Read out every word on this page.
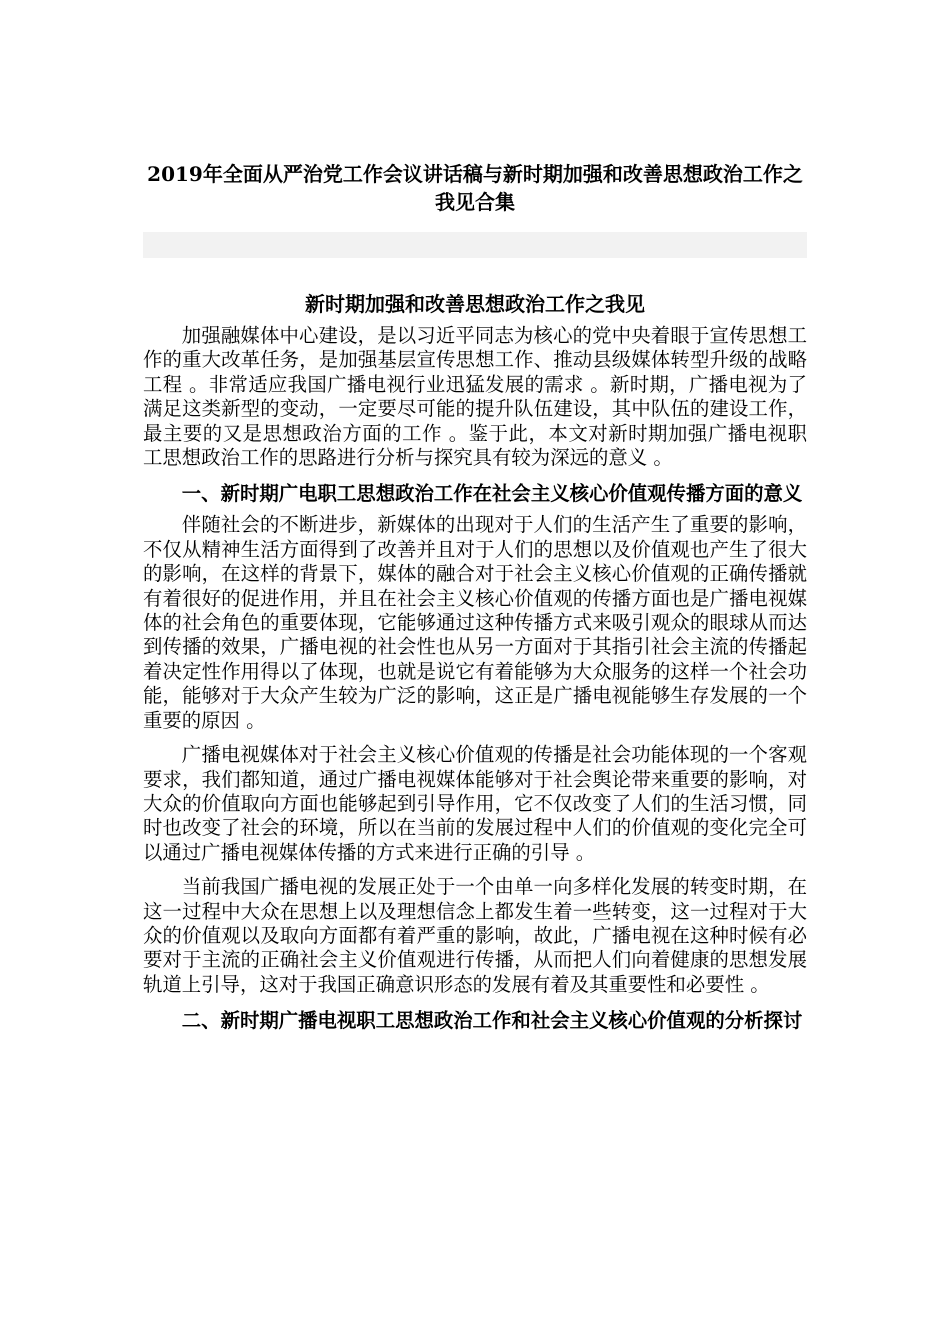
2019年全面从严治党工作会议讲话稿与新时期加强和改善思想政治工作之我见合集
新时期加强和改善思想政治工作之我见

加强融媒体中心建设，是以习近平同志为核心的党中央着眼于宣传思想工作的重大改革任务，是加强基层宣传思想工作、推动县级媒体转型升级的战略工程 。非常适应我国广播电视行业迅猛发展的需求 。新时期，广播电视为了满足这类新型的变动，一定要尽可能的提升队伍建设，其中队伍的建设工作，最主要的又是思想政治方面的工作 。鉴于此，本文对新时期加强广播电视职工思想政治工作的思路进行分析与探究具有较为深远的意义 。

一、新时期广电职工思想政治工作在社会主义核心价值观传播方面的意义

伴随社会的不断进步，新媒体的出现对于人们的生活产生了重要的影响，不仅从精神生活方面得到了改善并且对于人们的思想以及价值观也产生了很大的影响，在这样的背景下，媒体的融合对于社会主义核心价值观的正确传播就有着很好的促进作用，并且在社会主义核心价值观的传播方面也是广播电视媒体的社会角色的重要体现，它能够通过这种传播方式来吸引观众的眼球从而达到传播的效果，广播电视的社会性也从另一方面对于其指引社会主流的传播起着决定性作用得以了体现，也就是说它有着能够为大众服务的这样一个社会功能，能够对于大众产生较为广泛的影响，这正是广播电视能够生存发展的一个重要的原因 。

广播电视媒体对于社会主义核心价值观的传播是社会功能体现的一个客观要求，我们都知道，通过广播电视媒体能够对于社会舆论带来重要的影响，对大众的价值取向方面也能够起到引导作用，它不仅改变了人们的生活习惯，同时也改变了社会的环境，所以在当前的发展过程中人们的价值观的变化完全可以通过广播电视媒体传播的方式来进行正确的引导 。

当前我国广播电视的发展正处于一个由单一向多样化发展的转变时期，在这一过程中大众在思想上以及理想信念上都发生着一些转变，这一过程对于大众的价值观以及取向方面都有着严重的影响，故此，广播电视在这种时候有必要对于主流的正确社会主义价值观进行传播，从而把人们向着健康的思想发展轨道上引导，这对于我国正确意识形态的发展有着及其重要性和必要性 。

二、新时期广播电视职工思想政治工作和社会主义核心价值观的分析探讨
